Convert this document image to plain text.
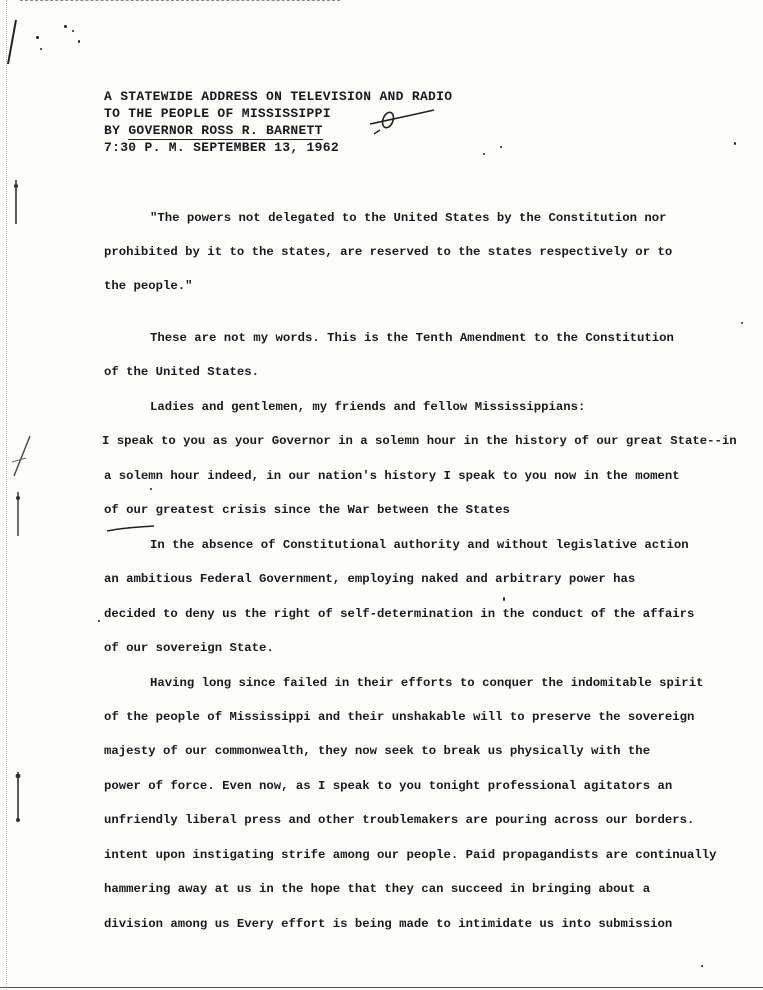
A STATEWIDE ADDRESS ON TELEVISION AND RADIO
TO THE PEOPLE OF MISSISSIPPI
BY GOVERNOR ROSS R. BARNETT
7:30 P. M. SEPTEMBER 13, 1962
"The powers not delegated to the United States by the Constitution nor
prohibited by it to the states, are reserved to the states respectively or to
the people."
These are not my words. This is the Tenth Amendment to the Constitution
of the United States.
Ladies and gentlemen, my friends and fellow Mississippians:
I speak to you as your Governor in a solemn hour in the history of our great State--in
a solemn hour indeed, in our nation's history I speak to you now in the moment
of our greatest crisis since the War between the States
In the absence of Constitutional authority and without legislative action
an ambitious Federal Government, employing naked and arbitrary power has
decided to deny us the right of self-determination in the conduct of the affairs
of our sovereign State.
Having long since failed in their efforts to conquer the indomitable spirit
of the people of Mississippi and their unshakable will to preserve the sovereign
majesty of our commonwealth, they now seek to break us physically with the
power of force. Even now, as I speak to you tonight professional agitators an
unfriendly liberal press and other troublemakers are pouring across our borders.
intent upon instigating strife among our people. Paid propagandists are continually
hammering away at us in the hope that they can succeed in bringing about a
division among us Every effort is being made to intimidate us into submission
